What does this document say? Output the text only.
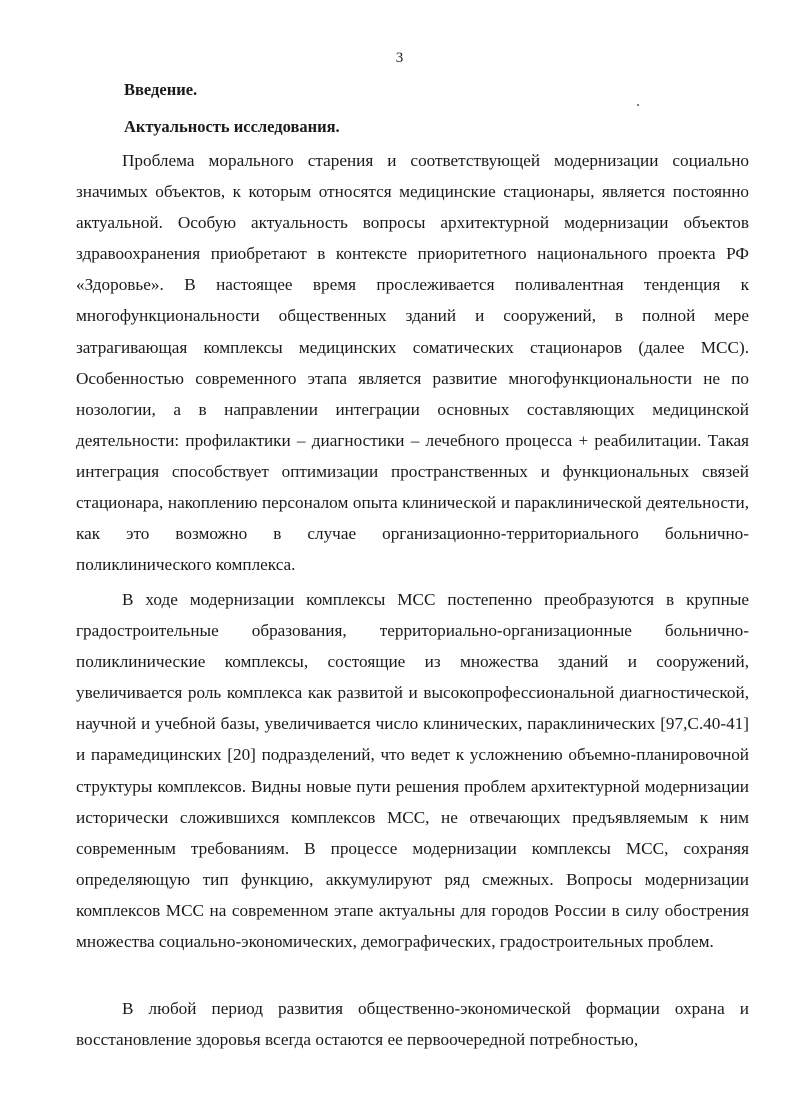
3
Введение.
Актуальность исследования.

Проблема морального старения и соответствующей модернизации социально значимых объектов, к которым относятся медицинские стационары, является постоянно актуальной. Особую актуальность вопросы архитектурной модернизации объектов здравоохранения приобретают в контексте приоритетного национального проекта РФ «Здоровье». В настоящее время прослеживается поливалентная тенденция к многофункциональности общественных зданий и сооружений, в полной мере затрагивающая комплексы медицинских соматических стационаров (далее МСС). Особенностью современного этапа является развитие многофункциональности не по нозологии, а в направлении интеграции основных составляющих медицинской деятельности: профилактики – диагностики – лечебного процесса + реабилитации. Такая интеграция способствует оптимизации пространственных и функциональных связей стационара, накоплению персоналом опыта клинической и параклинической деятельности, как это возможно в случае организационно-территориального больнично-поликлинического комплекса.

В ходе модернизации комплексы МСС постепенно преобразуются в крупные градостроительные образования, территориально-организационные больнично-поликлинические комплексы, состоящие из множества зданий и сооружений, увеличивается роль комплекса как развитой и высокопрофессиональной диагностической, научной и учебной базы, увеличивается число клинических, параклинических [97,С.40-41] и парамедицинских [20] подразделений, что ведет к усложнению объемно-планировочной структуры комплексов. Видны новые пути решения проблем архитектурной модернизации исторически сложившихся комплексов МСС, не отвечающих предъявляемым к ним современным требованиям. В процессе модернизации комплексы МСС, сохраняя определяющую тип функцию, аккумулируют ряд смежных. Вопросы модернизации комплексов МСС на современном этапе актуальны для городов России в силу обострения множества социально-экономических, демографических, градостроительных проблем.

В любой период развития общественно-экономической формации охрана и восстановление здоровья всегда остаются ее первоочередной потребностью,
